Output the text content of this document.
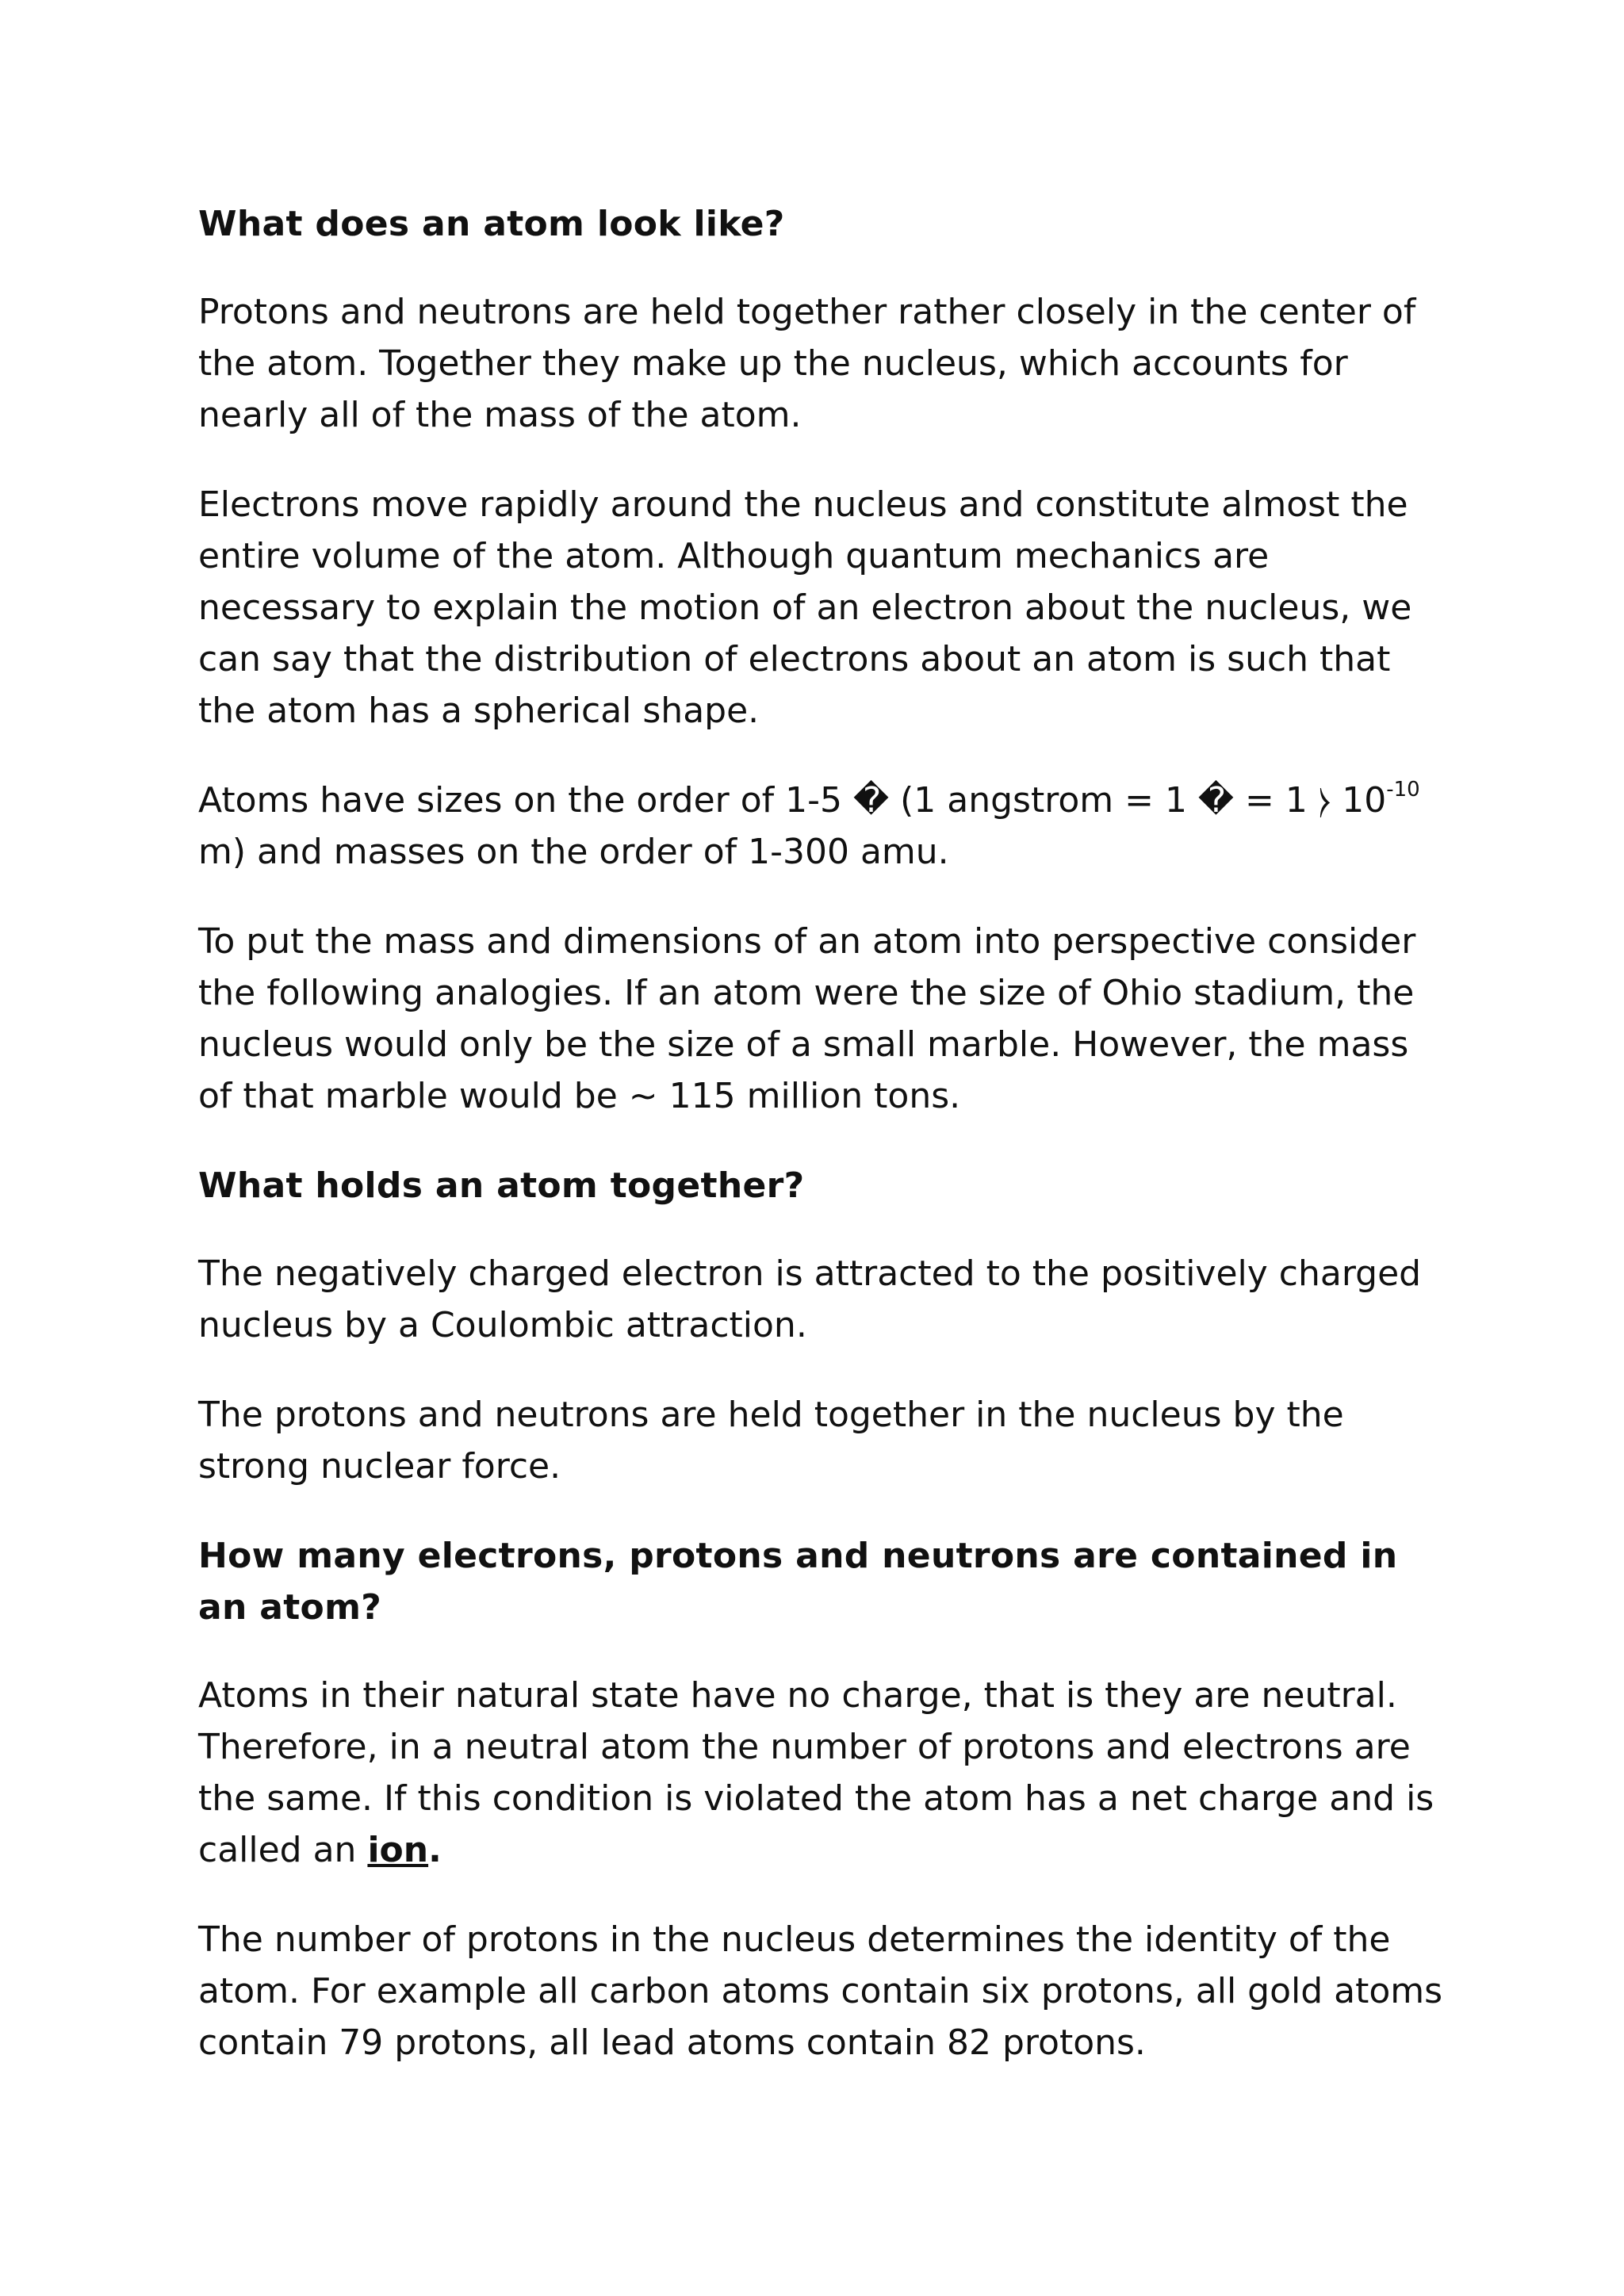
What does an atom look like?
Protons and neutrons are held together rather closely in the center of the atom. Together they make up the nucleus, which accounts for nearly all of the mass of the atom.
Electrons move rapidly around the nucleus and constitute almost the entire volume of the atom. Although quantum mechanics are necessary to explain the motion of an electron about the nucleus, we can say that the distribution of electrons about an atom is such that the atom has a spherical shape.
Atoms have sizes on the order of 1-5 � (1 angstrom = 1 � = 1 ⧽ $10^{-10}$ m) and masses on the order of 1-300 amu.
To put the mass and dimensions of an atom into perspective consider the following analogies. If an atom were the size of Ohio stadium, the nucleus would only be the size of a small marble. However, the mass of that marble would be ~ 115 million tons.
What holds an atom together?
The negatively charged electron is attracted to the positively charged nucleus by a Coulombic attraction.
The protons and neutrons are held together in the nucleus by the strong nuclear force.
How many electrons, protons and neutrons are contained in an atom?
Atoms in their natural state have no charge, that is they are neutral. Therefore, in a neutral atom the number of protons and electrons are the same. If this condition is violated the atom has a net charge and is called an ion.
The number of protons in the nucleus determines the identity of the atom. For example all carbon atoms contain six protons, all gold atoms contain 79 protons, all lead atoms contain 82 protons.
